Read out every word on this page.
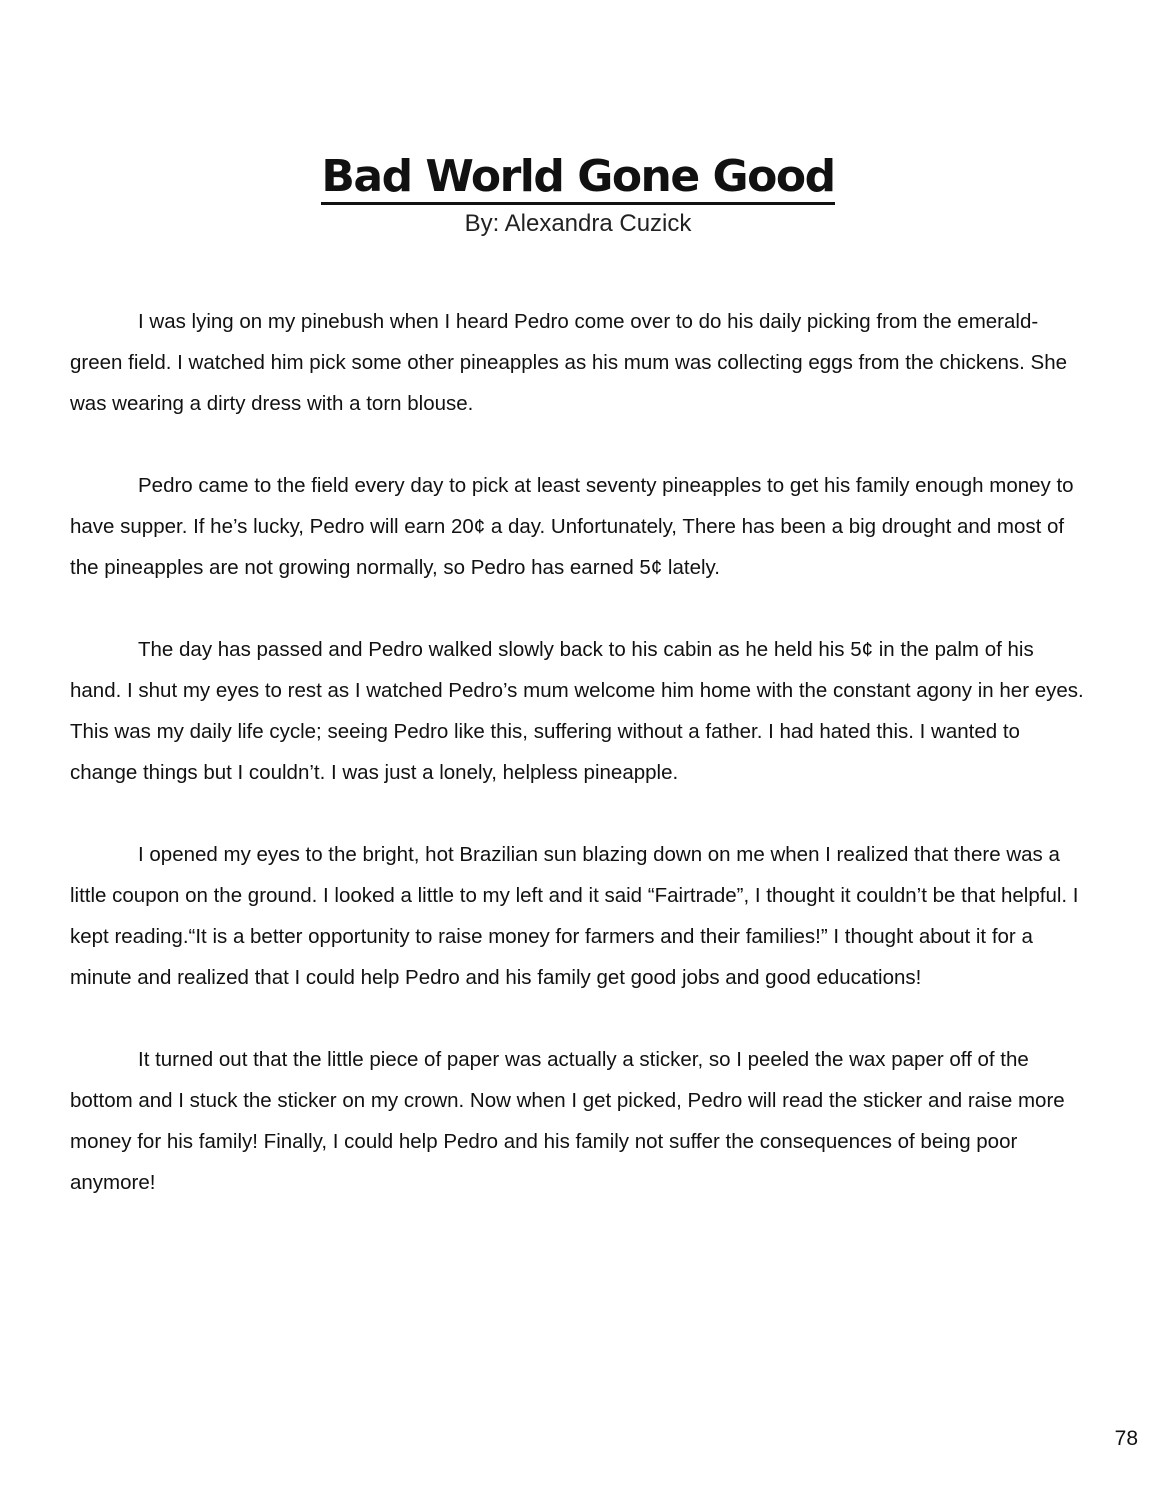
Bad World Gone Good
By: Alexandra Cuzick

I was lying on my pinebush when I heard Pedro come over to do his daily picking from the emerald-green field. I watched him pick some other pineapples as his mum was collecting eggs from the chickens. She was wearing a dirty dress with a torn blouse.

Pedro came to the field every day to pick at least seventy pineapples to get his family enough money to have supper. If he’s lucky, Pedro will earn 20¢ a day. Unfortunately, There has been a big drought and most of the pineapples are not growing normally, so Pedro has earned 5¢ lately.

The day has passed and Pedro walked slowly back to his cabin as he held his 5¢ in the palm of his hand. I shut my eyes to rest as I watched Pedro’s mum welcome him home with the constant agony in her eyes. This was my daily life cycle; seeing Pedro like this, suffering without a father. I had hated this. I wanted to change things but I couldn’t. I was just a lonely, helpless pineapple.

I opened my eyes to the bright, hot Brazilian sun blazing down on me when I realized that there was a little coupon on the ground. I looked a little to my left and it said “Fairtrade”, I thought it couldn’t be that helpful. I kept reading.“It is a better opportunity to raise money for farmers and their families!” I thought about it for a minute and realized that I could help Pedro and his family get good jobs and good educations!

It turned out that the little piece of paper was actually a sticker, so I peeled the wax paper off of the bottom and I stuck the sticker on my crown. Now when I get picked, Pedro will read the sticker and raise more money for his family! Finally, I could help Pedro and his family not suffer the consequences of being poor anymore!

78
